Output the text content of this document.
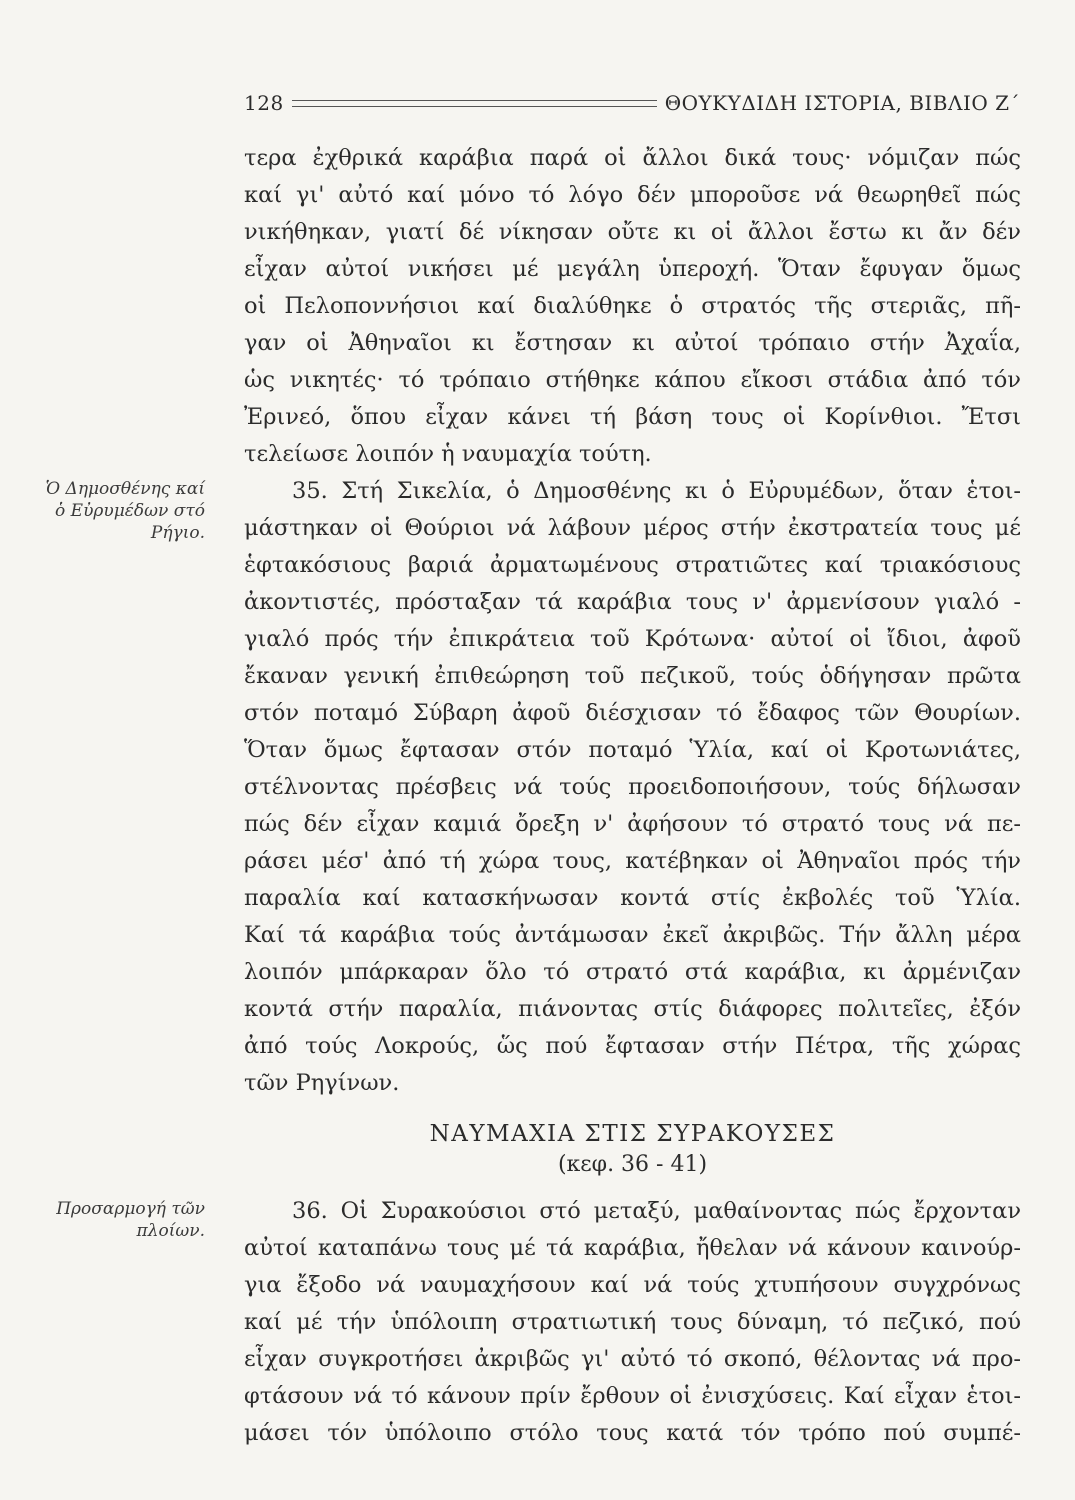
128	ΘΟΥΚΥΔΙΔΗ ΙΣΤΟΡΙΑ, ΒΙΒΛΙΟ Ζ΄
Ὁ Δημοσθένης καί ὁ Εὐρυμέδων στό Ρήγιο.
Προσαρμογή τῶν πλοίων.
τερα ἐχθρικά καράβια παρά οἱ ἄλλοι δικά τους· νόμιζαν πώς
καί γι' αὐτό καί μόνο τό λόγο δέν μποροῦσε νά θεωρηθεῖ πώς
νικήθηκαν, γιατί δέ νίκησαν οὔτε κι οἱ ἄλλοι ἔστω κι ἄν δέν
εἶχαν αὐτοί νικήσει μέ μεγάλη ὑπεροχή. Ὅταν ἔφυγαν ὅμως
οἱ Πελοποννήσιοι καί διαλύθηκε ὁ στρατός τῆς στεριᾶς, πῆ-
γαν οἱ Ἀθηναῖοι κι ἔστησαν κι αὐτοί τρόπαιο στήν Ἀχαΐα,
ὡς νικητές· τό τρόπαιο στήθηκε κάπου εἴκοσι στάδια ἀπό τόν
Ἐρινεό, ὅπου εἶχαν κάνει τή βάση τους οἱ Κορίνθιοι. Ἔτσι
τελείωσε λοιπόν ἡ ναυμαχία τούτη.
35. Στή Σικελία, ὁ Δημοσθένης κι ὁ Εὐρυμέδων, ὅταν ἑτοι-
μάστηκαν οἱ Θούριοι νά λάβουν μέρος στήν ἐκστρατεία τους μέ
ἑφτακόσιους βαριά ἀρματωμένους στρατιῶτες καί τριακόσιους
ἀκοντιστές, πρόσταξαν τά καράβια τους ν' ἀρμενίσουν γιαλό -
γιαλό πρός τήν ἐπικράτεια τοῦ Κρότωνα· αὐτοί οἱ ἴδιοι, ἀφοῦ
ἔκαναν γενική ἐπιθεώρηση τοῦ πεζικοῦ, τούς ὁδήγησαν πρῶτα
στόν ποταμό Σύβαρη ἀφοῦ διέσχισαν τό ἔδαφος τῶν Θουρίων.
Ὅταν ὅμως ἔφτασαν στόν ποταμό Ὑλία, καί οἱ Κροτωνιάτες,
στέλνοντας πρέσβεις νά τούς προειδοποιήσουν, τούς δήλωσαν
πώς δέν εἶχαν καμιά ὄρεξη ν' ἀφήσουν τό στρατό τους νά πε-
ράσει μέσ' ἀπό τή χώρα τους, κατέβηκαν οἱ Ἀθηναῖοι πρός τήν
παραλία καί κατασκήνωσαν κοντά στίς ἐκβολές τοῦ Ὑλία.
Καί τά καράβια τούς ἀντάμωσαν ἐκεῖ ἀκριβῶς. Τήν ἄλλη μέρα
λοιπόν μπάρκαραν ὅλο τό στρατό στά καράβια, κι ἀρμένιζαν
κοντά στήν παραλία, πιάνοντας στίς διάφορες πολιτεῖες, ἐξόν
ἀπό τούς Λοκρούς, ὥς πού ἔφτασαν στήν Πέτρα, τῆς χώρας
τῶν Ρηγίνων.
ΝΑΥΜΑΧΙΑ ΣΤΙΣ ΣΥΡΑΚΟΥΣΕΣ
(κεφ. 36 - 41)
36. Οἱ Συρακούσιοι στό μεταξύ, μαθαίνοντας πώς ἔρχονταν
αὐτοί καταπάνω τους μέ τά καράβια, ἤθελαν νά κάνουν καινούρ-
για ἔξοδο νά ναυμαχήσουν καί νά τούς χτυπήσουν συγχρόνως
καί μέ τήν ὑπόλοιπη στρατιωτική τους δύναμη, τό πεζικό, πού
εἶχαν συγκροτήσει ἀκριβῶς γι' αὐτό τό σκοπό, θέλοντας νά προ-
φτάσουν νά τό κάνουν πρίν ἔρθουν οἱ ἐνισχύσεις. Καί εἶχαν ἑτοι-
μάσει τόν ὑπόλοιπο στόλο τους κατά τόν τρόπο πού συμπέ-
